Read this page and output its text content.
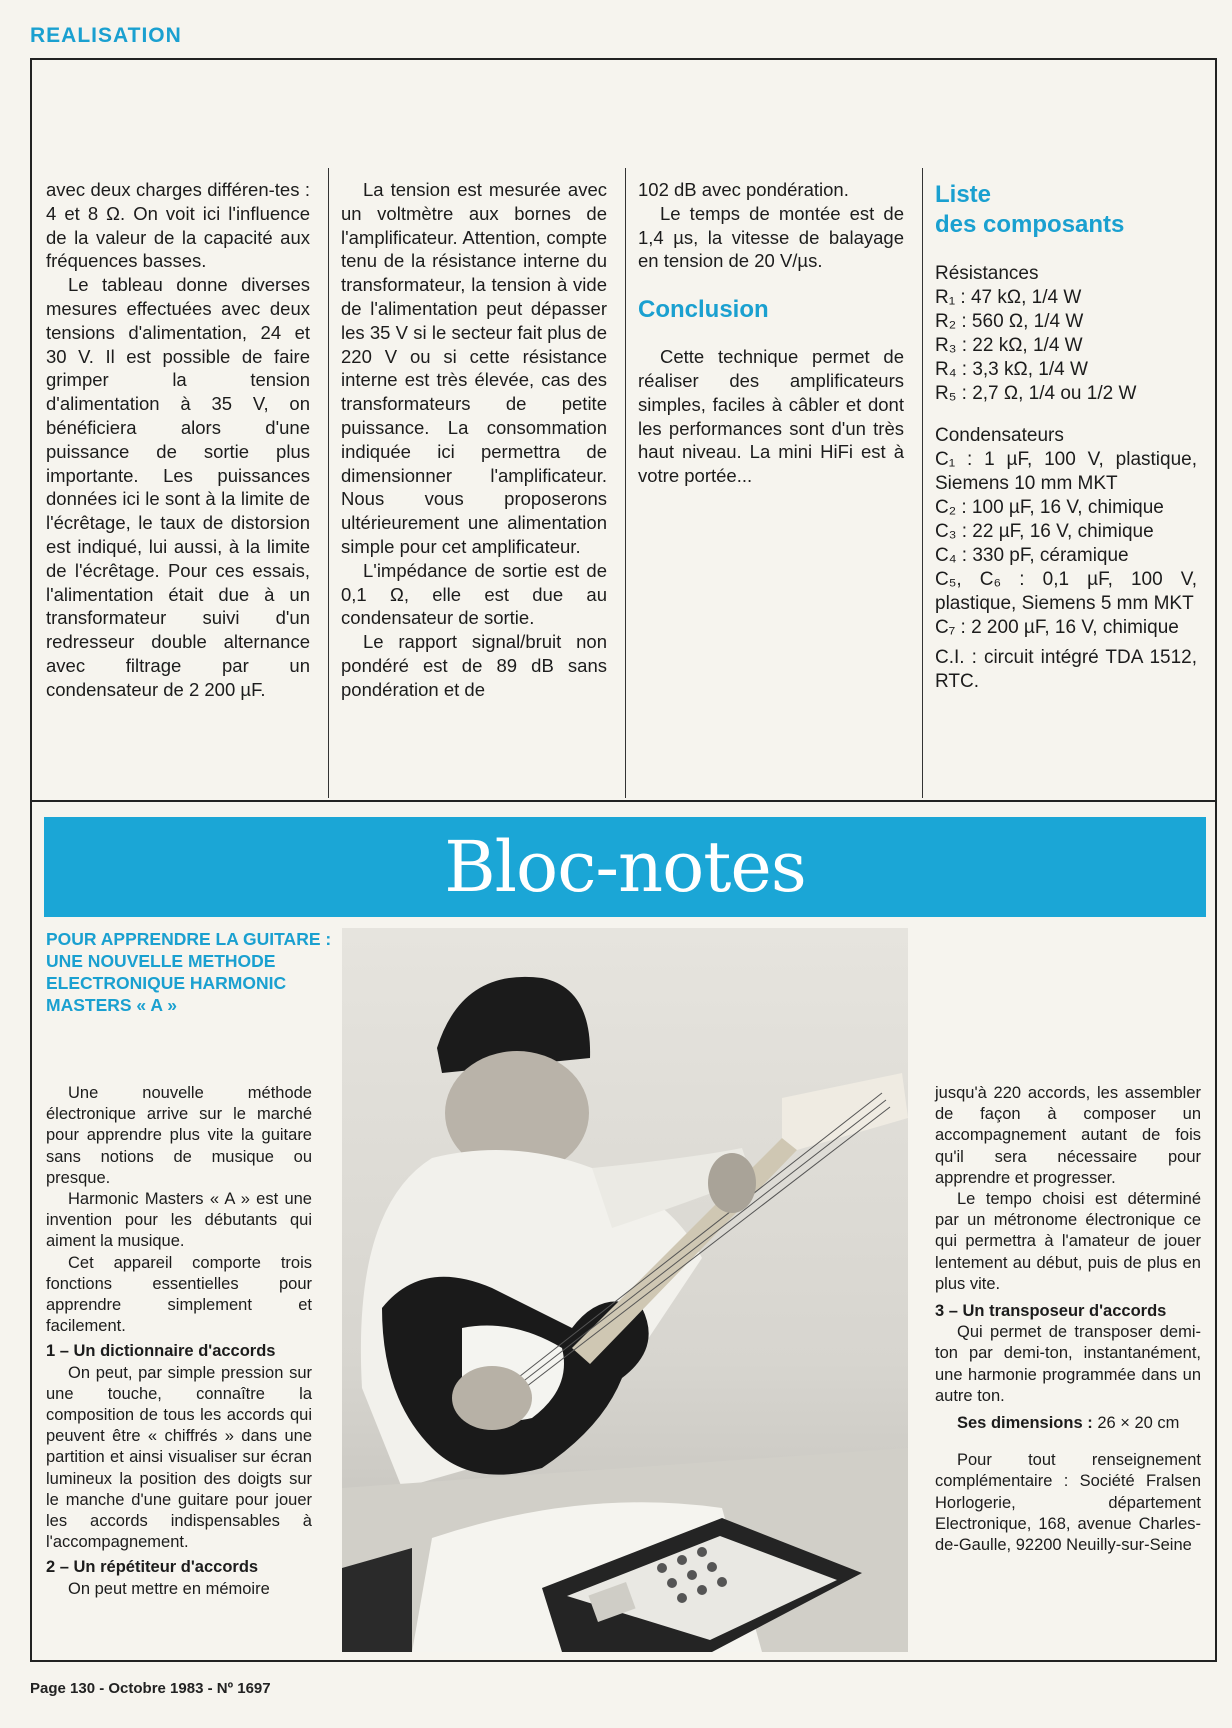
REALISATION

avec deux charges différen-tes : 4 et 8 Ω. On voit ici l'influence de la valeur de la capacité aux fréquences basses.

Le tableau donne diverses mesures effectuées avec deux tensions d'alimentation, 24 et 30 V. Il est possible de faire grimper la tension d'alimentation à 35 V, on bénéficiera alors d'une puissance de sortie plus importante. Les puissances données ici le sont à la limite de l'écrêtage, le taux de distorsion est indiqué, lui aussi, à la limite de l'écrêtage. Pour ces essais, l'alimentation était due à un transformateur suivi d'un redresseur double alternance avec filtrage par un condensateur de 2 200 µF.

La tension est mesurée avec un voltmètre aux bornes de l'amplificateur. Attention, compte tenu de la résistance interne du transformateur, la tension à vide de l'alimentation peut dépasser les 35 V si le secteur fait plus de 220 V ou si cette résistance interne est très élevée, cas des transformateurs de petite puissance. La consommation indiquée ici permettra de dimensionner l'amplificateur. Nous vous proposerons ultérieurement une alimentation simple pour cet amplificateur.

L'impédance de sortie est de 0,1 Ω, elle est due au condensateur de sortie.

Le rapport signal/bruit non pondéré est de 89 dB sans pondération et de

102 dB avec pondération.

Le temps de montée est de 1,4 µs, la vitesse de balayage en tension de 20 V/µs.

Conclusion

Cette technique permet de réaliser des amplificateurs simples, faciles à câbler et dont les performances sont d'un très haut niveau. La mini HiFi est à votre portée...

Liste
des composants
Résistances
R₁ : 47 kΩ, 1/4 W
R₂ : 560 Ω, 1/4 W
R₃ : 22 kΩ, 1/4 W
R₄ : 3,3 kΩ, 1/4 W
R₅ : 2,7 Ω, 1/4 ou 1/2 W
Condensateurs
C₁ : 1 µF, 100 V, plastique, Siemens 10 mm MKT
C₂ : 100 µF, 16 V, chimique
C₃ : 22 µF, 16 V, chimique
C₄ : 330 pF, céramique
C₅, C₆ : 0,1 µF, 100 V, plastique, Siemens 5 mm MKT
C₇ : 2 200 µF, 16 V, chimique
C.I. : circuit intégré TDA 1512, RTC.
Bloc-notes
POUR APPRENDRE LA GUITARE : UNE NOUVELLE METHODE ELECTRONIQUE HARMONIC MASTERS « A »

Une nouvelle méthode électronique arrive sur le marché pour apprendre plus vite la guitare sans notions de musique ou presque.

Harmonic Masters « A » est une invention pour les débutants qui aiment la musique.

Cet appareil comporte trois fonctions essentielles pour apprendre simplement et facilement.

1 – Un dictionnaire d'accords

On peut, par simple pression sur une touche, connaître la composition de tous les accords qui peuvent être « chiffrés » dans une partition et ainsi visualiser sur écran lumineux la position des doigts sur le manche d'une guitare pour jouer les accords indispensables à l'accompagnement.

2 – Un répétiteur d'accords

On peut mettre en mémoire

jusqu'à 220 accords, les assembler de façon à composer un accompagnement autant de fois qu'il sera nécessaire pour apprendre et progresser.

Le tempo choisi est déterminé par un métronome électronique ce qui permettra à l'amateur de jouer lentement au début, puis de plus en plus vite.

3 – Un transposeur d'accords

Qui permet de transposer demi-ton par demi-ton, instantanément, une harmonie programmée dans un autre ton.

Ses dimensions : 26 × 20 cm

Pour tout renseignement complémentaire : Société Fralsen Horlogerie, département Electronique, 168, avenue Charles-de-Gaulle, 92200 Neuilly-sur-Seine

Page 130 - Octobre 1983 - Nº 1697
